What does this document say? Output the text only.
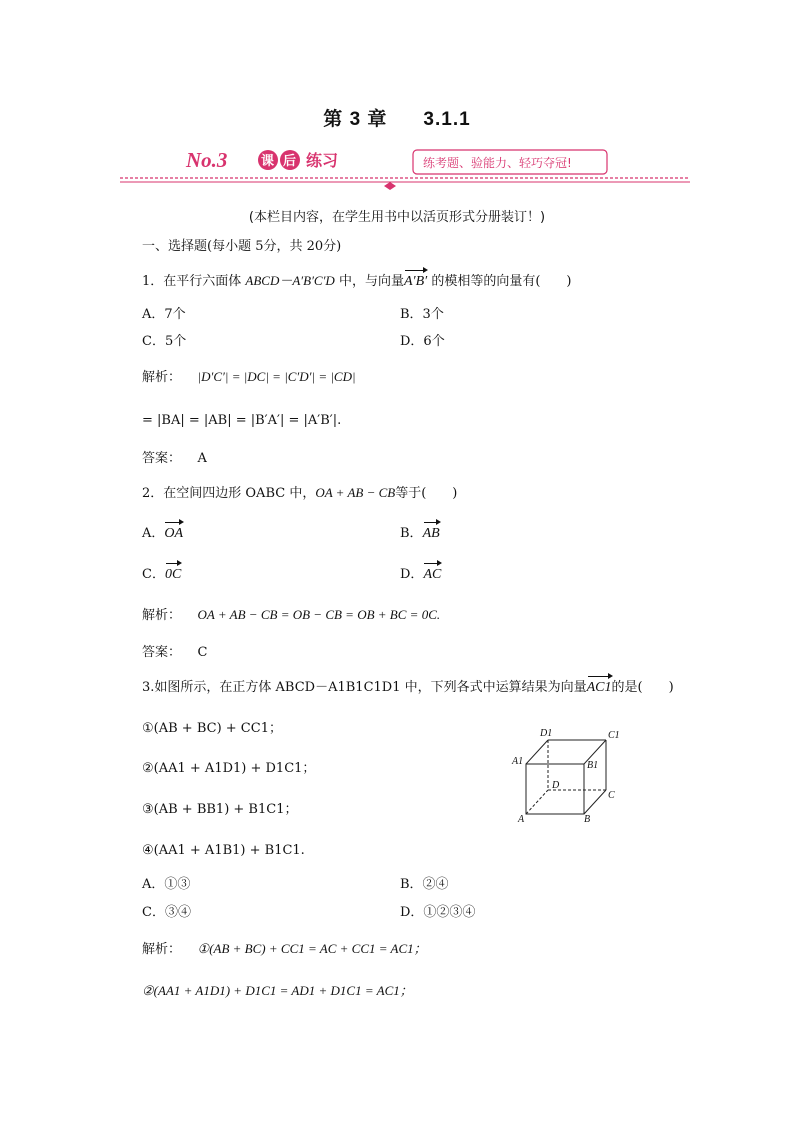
第 3 章 3.1.1
No.3	课 后 练习	练考题、验能力、轻巧夺冠!
(本栏目内容，在学生用书中以活页形式分册装订！)
一、选择题(每小题 5分，共 20分)
1．在平行六面体 ABCD－A′B′C′D 中，与向量A′B′ 的模相等的向量有(　　)
A．7个	B．3个
C．5个	D．6个
解析： |D′C′| = |DC| = |C′D′| = |CD|
= |BA| = |AB| = |B′A′| = |A′B′|.
答案： A
2．在空间四边形 OABC 中，OA + AB − CB等于(　　)
A．OA	B．AB
C．0C	D．AC
解析： OA + AB − CB = OB − CB = OB + BC = 0C.
答案： C
3.如图所示，在正方体 ABCD－A1B1C1D1 中，下列各式中运算结果为向量AC1的是(　　)
①(AB + BC) + CC1；
②(AA1 + A1D1) + D1C1；
③(AB + BB1) + B1C1；
④(AA1 + A1B1) + B1C1.
A	B
C
D
A1	B1
C1
D1
A．①③	B．②④
C．③④	D．①②③④
解析： ①(AB + BC) + CC1 = AC + CC1 = AC1；
②(AA1 + A1D1) + D1C1 = AD1 + D1C1 = AC1；
